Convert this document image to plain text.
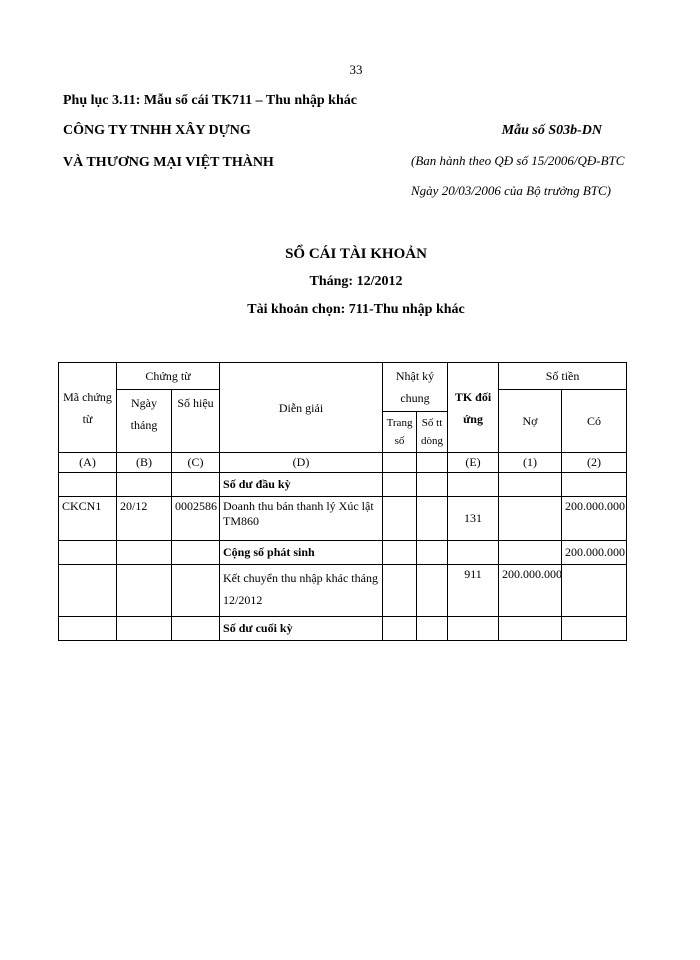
33
Phụ lục 3.11: Mẫu sổ cái TK711 – Thu nhập khác
CÔNG TY TNHH XÂY DỰNG
VÀ THƯƠNG MẠI VIỆT THÀNH
Mẫu số S03b-DN
(Ban hành theo QĐ số 15/2006/QĐ-BTC
Ngày 20/03/2006 của Bộ trưởng BTC)
SỔ CÁI TÀI KHOẢN
Tháng: 12/2012
Tài khoản chọn: 711-Thu nhập khác
Mã chứng từ	Chứng từ		Diễn giải	Nhật ký chung		TK đối ứng	Số tiền	
	Ngày tháng	Số hiệu					Nợ	Có
				Trang số	Số tt dòng			
(A)	(B)	(C)	(D)			(E)	(1)	(2)
			Số dư đầu kỳ					
CKCN1	20/12	0002586	Doanh thu bán thanh lý Xúc lật TM860			131		200.000.000
			Cộng số phát sinh					200.000.000
			Kết chuyển thu nhập khác tháng 12/2012			911	200.000.000	
			Số dư cuối kỳ					
